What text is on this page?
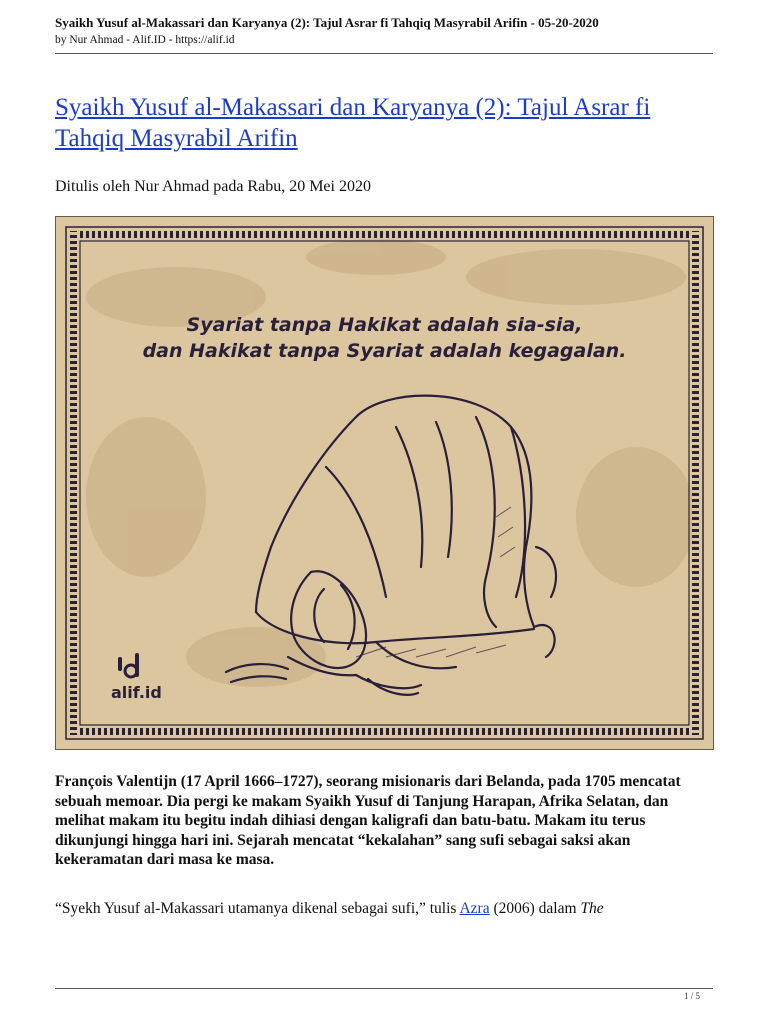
Syaikh Yusuf al-Makassari dan Karyanya (2): Tajul Asrar fi Tahqiq Masyrabil Arifin - 05-20-2020
by Nur Ahmad - Alif.ID - https://alif.id
Syaikh Yusuf al-Makassari dan Karyanya (2): Tajul Asrar fi Tahqiq Masyrabil Arifin
Ditulis oleh Nur Ahmad pada Rabu, 20 Mei 2020
Syariat tanpa Hakikat adalah sia-sia,
dan Hakikat tanpa Syariat adalah kegagalan.
alif.id
François Valentijn (17 April 1666–1727), seorang misionaris dari Belanda, pada 1705 mencatat sebuah memoar. Dia pergi ke makam Syaikh Yusuf di Tanjung Harapan, Afrika Selatan, dan melihat makam itu begitu indah dihiasi dengan kaligrafi dan batu-batu. Makam itu terus dikunjungi hingga hari ini. Sejarah mencatat “kekalahan” sang sufi sebagai saksi akan kekeramatan dari masa ke masa.
“Syekh Yusuf al-Makassari utamanya dikenal sebagai sufi,” tulis Azra (2006) dalam The
1 / 5
